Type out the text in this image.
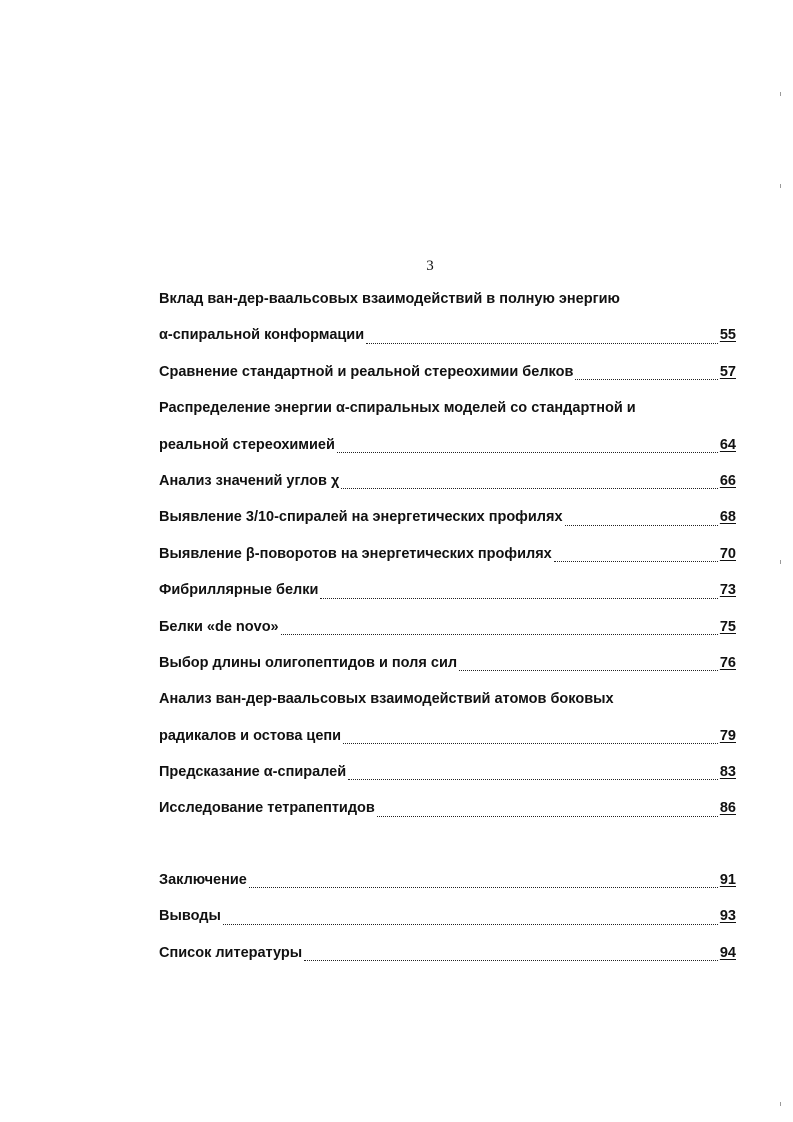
3
Вклад ван-дер-ваальсовых взаимодействий в полную энергию
α-спиральной конформации	55
Сравнение стандартной и реальной стереохимии белков	57
Распределение энергии α-спиральных моделей со стандартной и
реальной стереохимией	64
Анализ значений углов χ	66
Выявление 3/10-спиралей на энергетических профилях	68
Выявление β-поворотов на энергетических профилях	70
Фибриллярные белки	73
Белки «de novo»	75
Выбор длины олигопептидов и поля сил	76
Анализ ван-дер-ваальсовых взаимодействий атомов боковых
радикалов и остова цепи	79
Предсказание α-спиралей	83
Исследование тетрапептидов	86
Заключение	91
Выводы	93
Список литературы	94
